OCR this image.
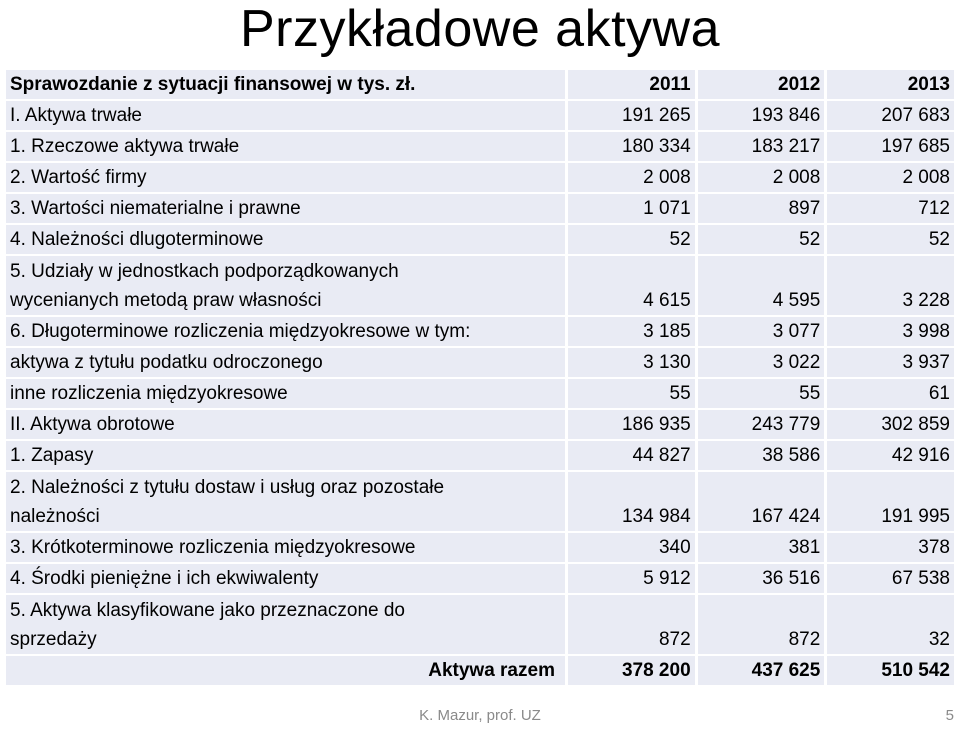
Przykładowe aktywa
Sprawozdanie z sytuacji finansowej w tys. zł.	2011	2012	2013
I. Aktywa trwałe	191 265	193 846	207 683
1. Rzeczowe aktywa trwałe	180 334	183 217	197 685
2. Wartość firmy	2 008	2 008	2 008
3. Wartości niematerialne i prawne	1 071	897	712
4. Należności dlugoterminowe	52	52	52

5. Udziały w jednostkach podporządkowanych
wycenianych metodą praw własności	4 615	4 595	3 228
6. Długoterminowe rozliczenia międzyokresowe w tym:	3 185	3 077	3 998
aktywa z tytułu podatku odroczonego	3 130	3 022	3 937
inne rozliczenia międzyokresowe	55	55	61
II. Aktywa obrotowe	186 935	243 779	302 859
1. Zapasy	44 827	38 586	42 916

2. Należności z tytułu dostaw i usług oraz pozostałe
należności	134 984	167 424	191 995
3. Krótkoterminowe rozliczenia międzyokresowe	340	381	378
4. Środki pieniężne i ich ekwiwalenty	5 912	36 516	67 538

5. Aktywa klasyfikowane jako przeznaczone do
sprzedaży	872	872	32
Aktywa razem	378 200	437 625	510 542
K. Mazur, prof. UZ	5
